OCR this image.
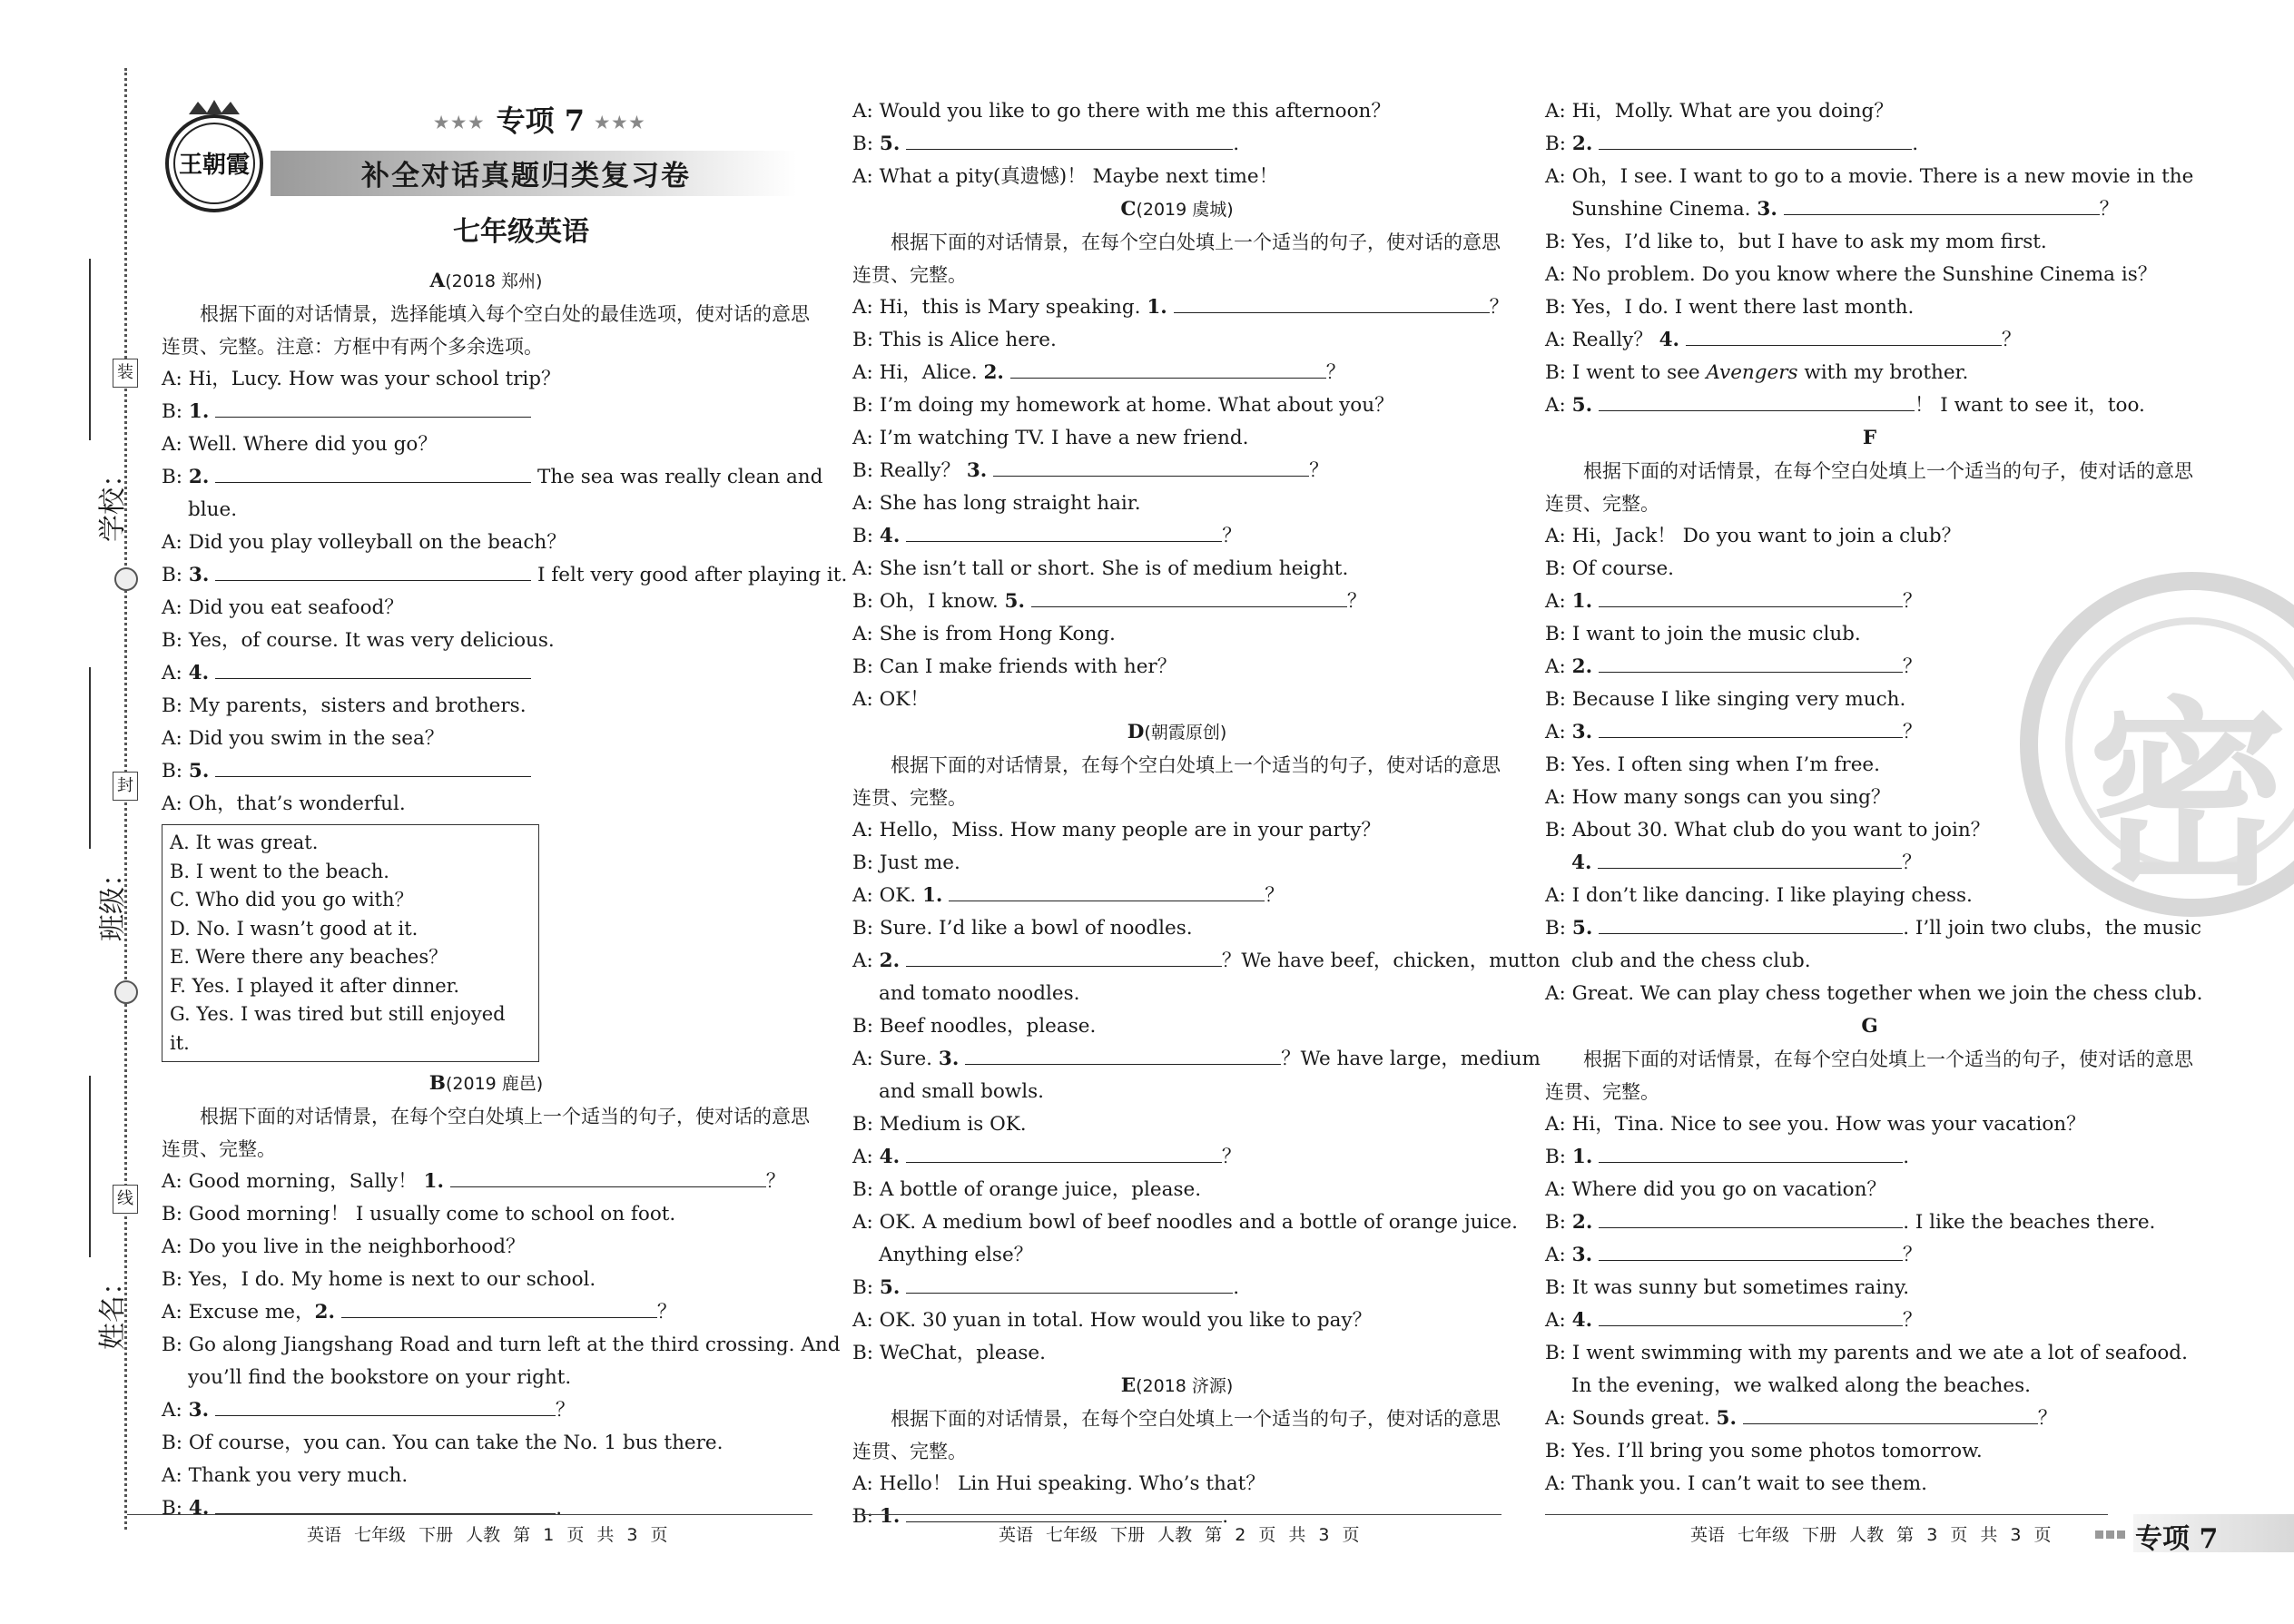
学校：
班级：
姓名：
装
封
线
王朝霞
★★★ 专项 7 ★★★
补全对话真题归类复习卷
七年级英语
A(2018 郑州)
根据下面的对话情景，选择能填入每个空白处的最佳选项，使对话的意思连贯、完整。注意：方框中有两个多余选项。
A: Hi，Lucy. How was your school trip？
B: 1.
A: Well. Where did you go？
B: 2.	The sea was really clean and
blue.
A: Did you play volleyball on the beach？
B: 3.	I felt very good after playing it.
A: Did you eat seafood？
B: Yes，of course. It was very delicious.
A: 4.
B: My parents，sisters and brothers.
A: Did you swim in the sea？
B: 5.
A: Oh，that’s wonderful.
A. It was great.
B. I went to the beach.
C. Who did you go with？
D. No. I wasn’t good at it.
E. Were there any beaches？
F. Yes. I played it after dinner.
G. Yes. I was tired but still enjoyed it.
B(2019 鹿邑)
根据下面的对话情景，在每个空白处填上一个适当的句子，使对话的意思连贯、完整。
A: Good morning，Sally！ 1.	？
B: Good morning！ I usually come to school on foot.
A: Do you live in the neighborhood？
B: Yes，I do. My home is next to our school.
A: Excuse me，2.	？
B: Go along Jiangshang Road and turn left at the third crossing. And
you’ll find the bookstore on your right.
A: 3.	？
B: Of course，you can. You can take the No. 1 bus there.
A: Thank you very much.
B: 4.	.
A: Would you like to go there with me this afternoon？
B: 5.	.
A: What a pity(真遗憾)！ Maybe next time！
C(2019 虞城)
根据下面的对话情景，在每个空白处填上一个适当的句子，使对话的意思连贯、完整。
A: Hi，this is Mary speaking. 1.	？
B: This is Alice here.
A: Hi，Alice. 2.	？
B: I’m doing my homework at home. What about you？
A: I’m watching TV. I have a new friend.
B: Really？ 3.	？
A: She has long straight hair.
B: 4.	？
A: She isn’t tall or short. She is of medium height.
B: Oh，I know. 5.	？
A: She is from Hong Kong.
B: Can I make friends with her？
A: OK！
D(朝霞原创)
根据下面的对话情景，在每个空白处填上一个适当的句子，使对话的意思连贯、完整。
A: Hello，Miss. How many people are in your party？
B: Just me.
A: OK. 1.	？
B: Sure. I’d like a bowl of noodles.
A: 2.	？We have beef，chicken，mutton
and tomato noodles.
B: Beef noodles，please.
A: Sure. 3.	？We have large，medium
and small bowls.
B: Medium is OK.
A: 4.	？
B: A bottle of orange juice，please.
A: OK. A medium bowl of beef noodles and a bottle of orange juice.
Anything else？
B: 5.	.
A: OK. 30 yuan in total. How would you like to pay？
B: WeChat，please.
E(2018 济源)
根据下面的对话情景，在每个空白处填上一个适当的句子，使对话的意思连贯、完整。
A: Hello！ Lin Hui speaking. Who’s that？
B: 1.	.
密
A: Hi，Molly. What are you doing？
B: 2.	.
A: Oh，I see. I want to go to a movie. There is a new movie in the
Sunshine Cinema. 3.	？
B: Yes，I’d like to，but I have to ask my mom first.
A: No problem. Do you know where the Sunshine Cinema is？
B: Yes，I do. I went there last month.
A: Really？ 4.	？
B: I went to see Avengers with my brother.
A: 5.	！ I want to see it，too.
F
根据下面的对话情景，在每个空白处填上一个适当的句子，使对话的意思连贯、完整。
A: Hi，Jack！ Do you want to join a club？
B: Of course.
A: 1.	？
B: I want to join the music club.
A: 2.	？
B: Because I like singing very much.
A: 3.	？
B: Yes. I often sing when I’m free.
A: How many songs can you sing？
B: About 30. What club do you want to join？
4.	？
A: I don’t like dancing. I like playing chess.
B: 5.	. I’ll join two clubs，the music
club and the chess club.
A: Great. We can play chess together when we join the chess club.
G
根据下面的对话情景，在每个空白处填上一个适当的句子，使对话的意思连贯、完整。
A: Hi，Tina. Nice to see you. How was your vacation？
B: 1.	.
A: Where did you go on vacation？
B: 2.	. I like the beaches there.
A: 3.	？
B: It was sunny but sometimes rainy.
A: 4.	？
B: I went swimming with my parents and we ate a lot of seafood.
In the evening，we walked along the beaches.
A: Sounds great. 5.	？
B: Yes. I’ll bring you some photos tomorrow.
A: Thank you. I can’t wait to see them.
英语 七年级 下册 人教 第 1 页 共 3 页	英语 七年级 下册 人教 第 2 页 共 3 页	英语 七年级 下册 人教 第 3 页 共 3 页	专项 7
